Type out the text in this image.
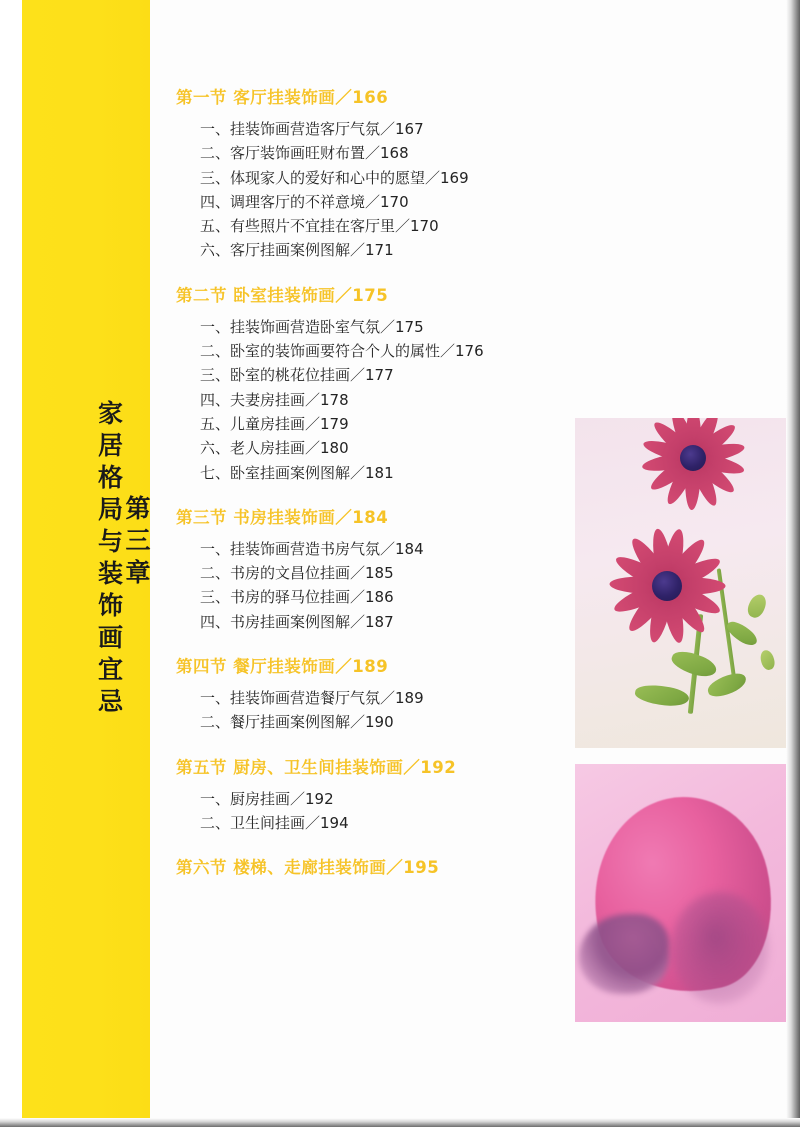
第三章
家居格局与装饰画宜忌
第一节 客厅挂装饰画／166
一、挂装饰画营造客厅气氛／167
二、客厅装饰画旺财布置／168
三、体现家人的爱好和心中的愿望／169
四、调理客厅的不祥意境／170
五、有些照片不宜挂在客厅里／170
六、客厅挂画案例图解／171
第二节 卧室挂装饰画／175
一、挂装饰画营造卧室气氛／175
二、卧室的装饰画要符合个人的属性／176
三、卧室的桃花位挂画／177
四、夫妻房挂画／178
五、儿童房挂画／179
六、老人房挂画／180
七、卧室挂画案例图解／181
第三节 书房挂装饰画／184
一、挂装饰画营造书房气氛／184
二、书房的文昌位挂画／185
三、书房的驿马位挂画／186
四、书房挂画案例图解／187
第四节 餐厅挂装饰画／189
一、挂装饰画营造餐厅气氛／189
二、餐厅挂画案例图解／190
第五节 厨房、卫生间挂装饰画／192
一、厨房挂画／192
二、卫生间挂画／194
第六节 楼梯、走廊挂装饰画／195
